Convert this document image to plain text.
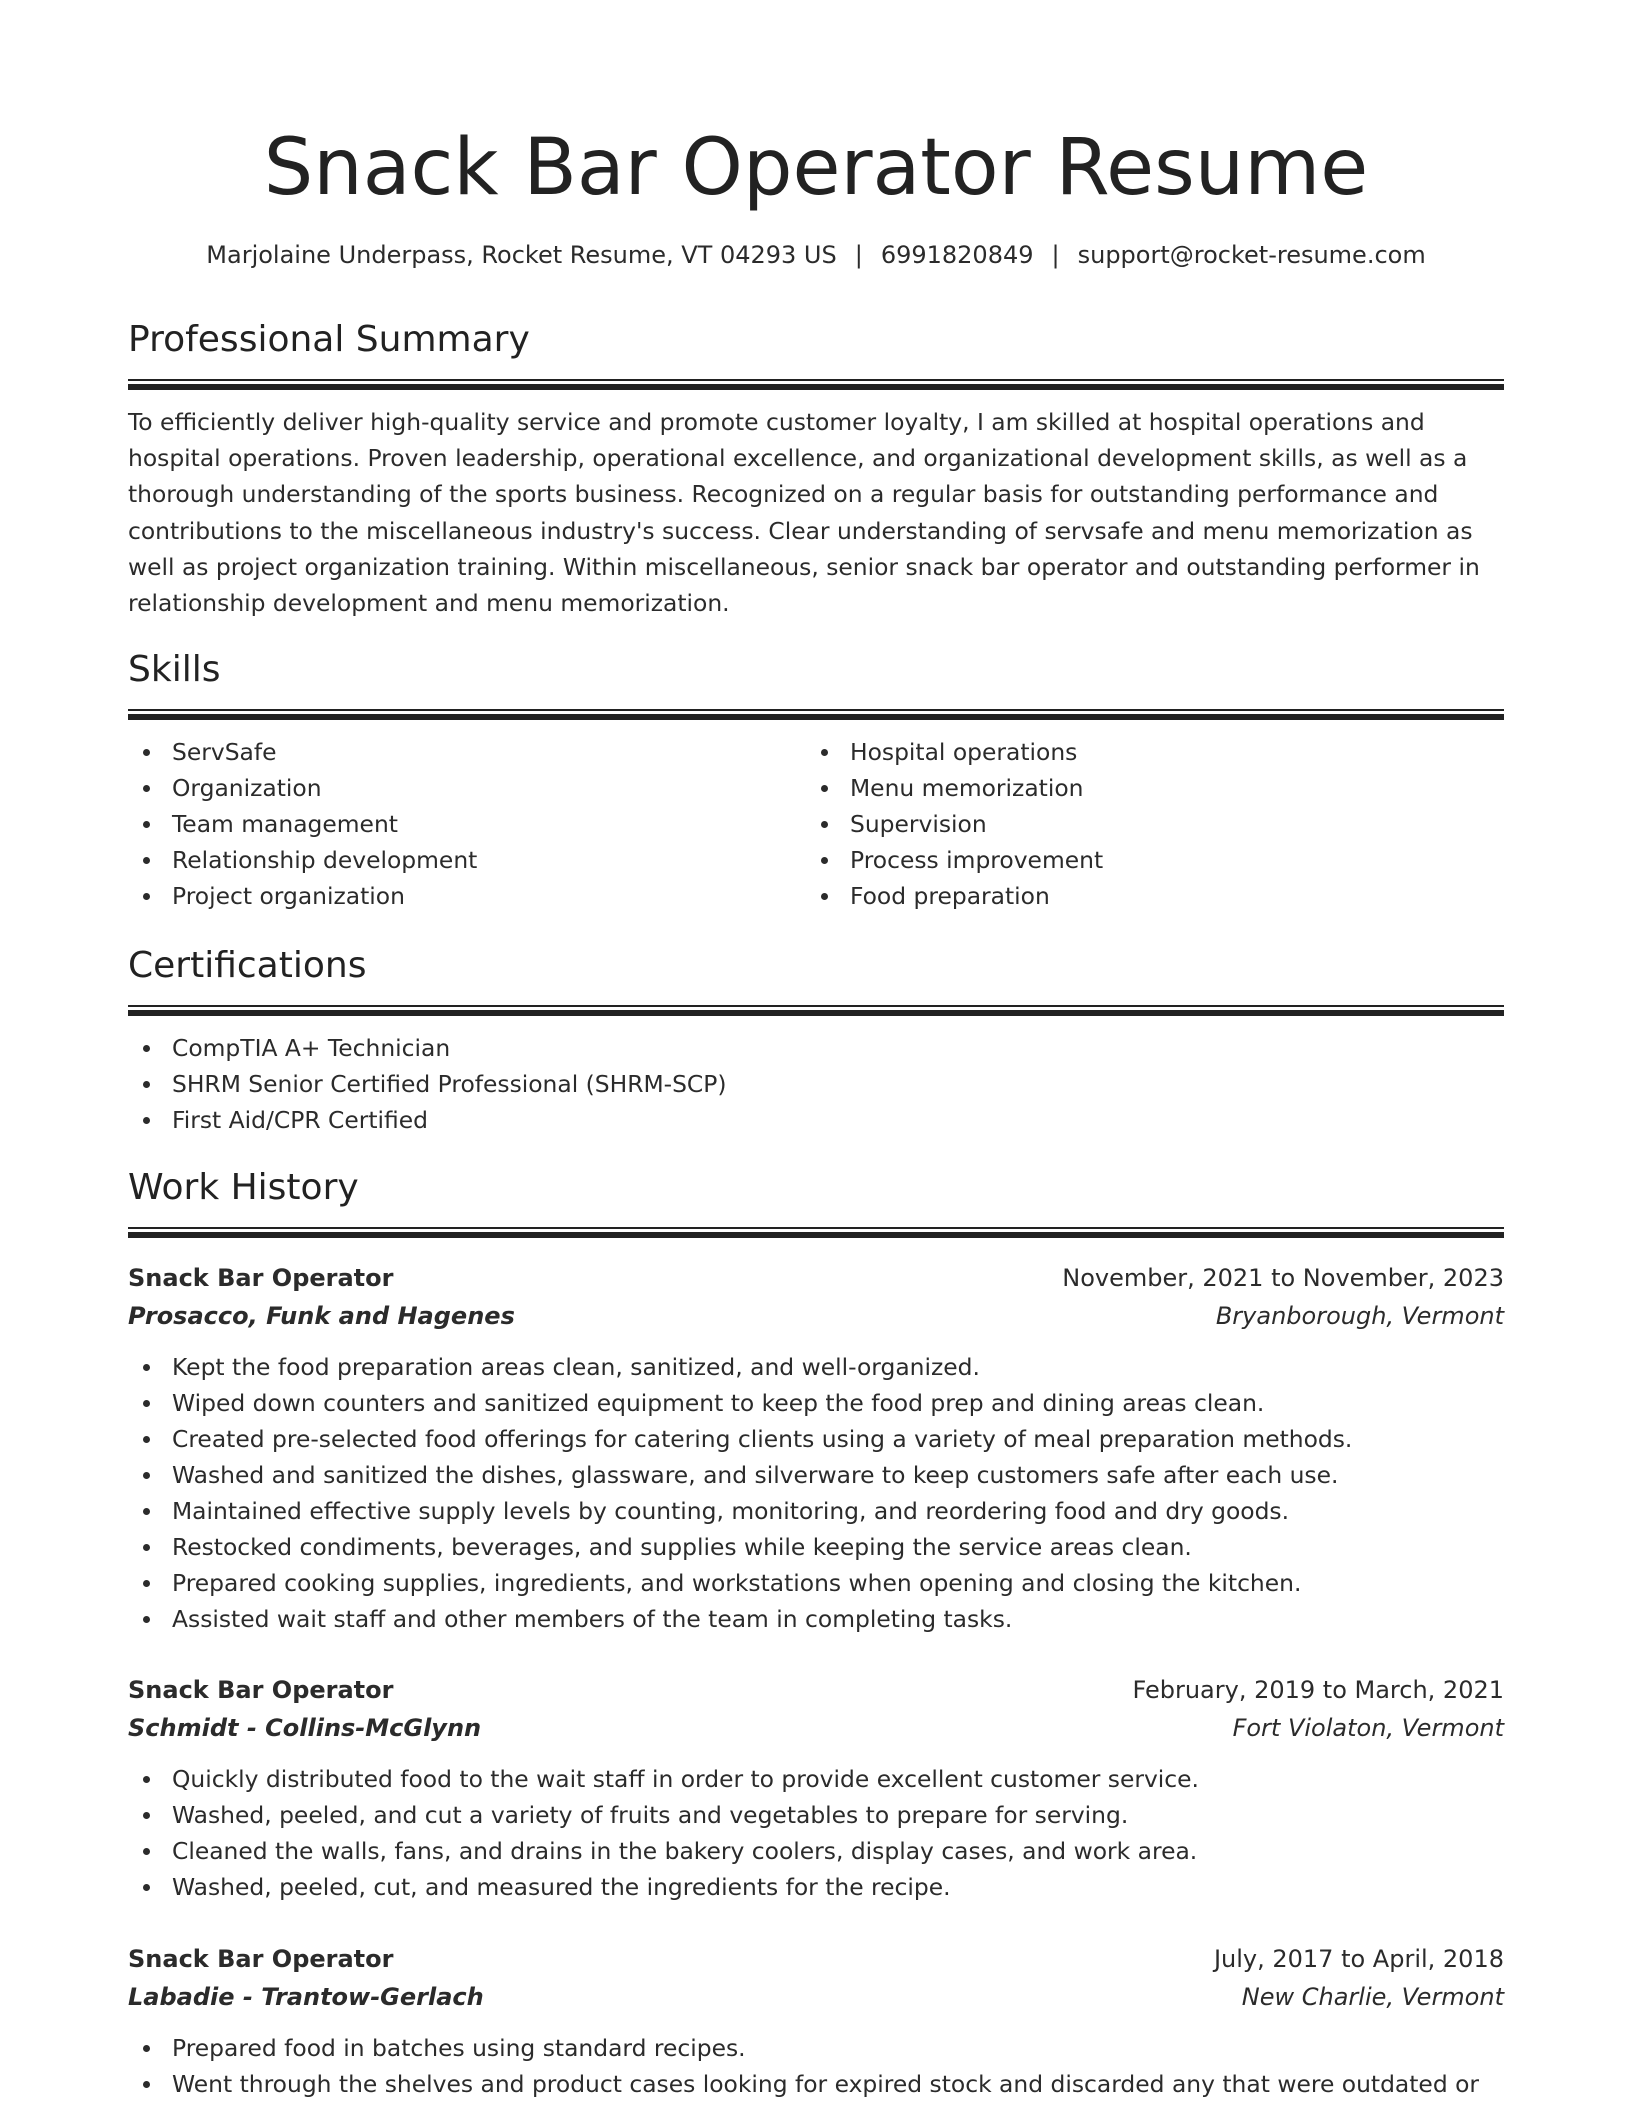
Snack Bar Operator Resume
Marjolaine Underpass, Rocket Resume, VT 04293 US | 6991820849 | support@rocket-resume.com
Professional Summary
To efficiently deliver high-quality service and promote customer loyalty, I am skilled at hospital operations and hospital operations. Proven leadership, operational excellence, and organizational development skills, as well as a thorough understanding of the sports business. Recognized on a regular basis for outstanding performance and contributions to the miscellaneous industry's success. Clear understanding of servsafe and menu memorization as well as project organization training. Within miscellaneous, senior snack bar operator and outstanding performer in relationship development and menu memorization.
Skills
ServSafe
Organization
Team management
Relationship development
Project organization
Hospital operations
Menu memorization
Supervision
Process improvement
Food preparation
Certifications
CompTIA A+ Technician
SHRM Senior Certified Professional (SHRM-SCP)
First Aid/CPR Certified
Work History
Snack Bar Operator	November, 2021 to November, 2023
Prosacco, Funk and Hagenes	Bryanborough, Vermont
Kept the food preparation areas clean, sanitized, and well-organized.
Wiped down counters and sanitized equipment to keep the food prep and dining areas clean.
Created pre-selected food offerings for catering clients using a variety of meal preparation methods.
Washed and sanitized the dishes, glassware, and silverware to keep customers safe after each use.
Maintained effective supply levels by counting, monitoring, and reordering food and dry goods.
Restocked condiments, beverages, and supplies while keeping the service areas clean.
Prepared cooking supplies, ingredients, and workstations when opening and closing the kitchen.
Assisted wait staff and other members of the team in completing tasks.
Snack Bar Operator	February, 2019 to March, 2021
Schmidt - Collins-McGlynn	Fort Violaton, Vermont
Quickly distributed food to the wait staff in order to provide excellent customer service.
Washed, peeled, and cut a variety of fruits and vegetables to prepare for serving.
Cleaned the walls, fans, and drains in the bakery coolers, display cases, and work area.
Washed, peeled, cut, and measured the ingredients for the recipe.
Snack Bar Operator	July, 2017 to April, 2018
Labadie - Trantow-Gerlach	New Charlie, Vermont
Prepared food in batches using standard recipes.
Went through the shelves and product cases looking for expired stock and discarded any that were outdated or
